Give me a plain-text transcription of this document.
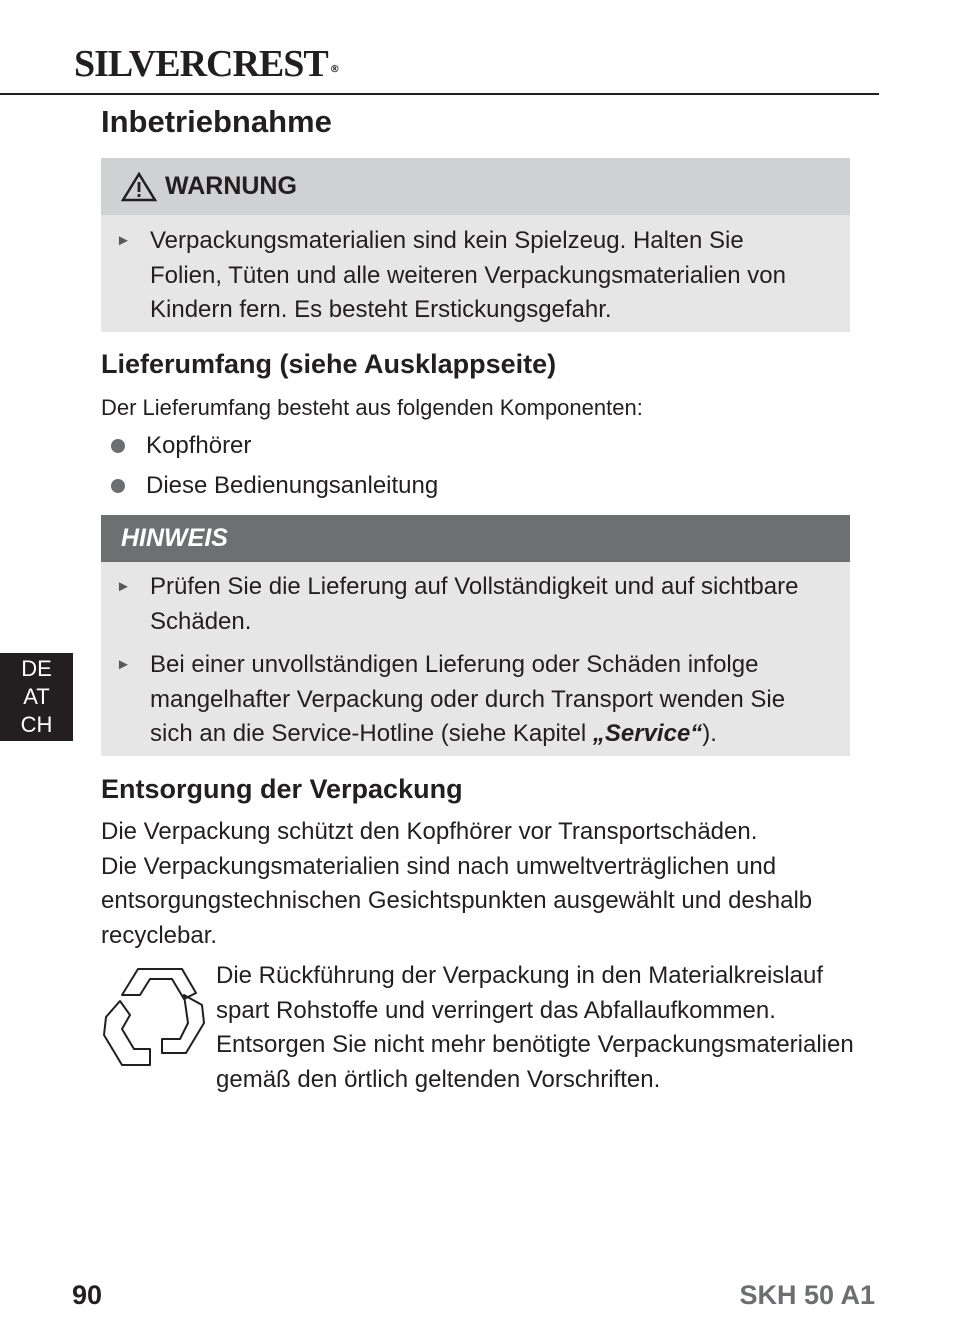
SILVERCREST ®
Inbetriebnahme
WARNUNG
► Verpackungsmaterialien sind kein Spielzeug. Halten Sie
Folien, Tüten und alle weiteren Verpackungsmaterialien von
Kindern fern. Es besteht Erstickungsgefahr.
Lieferumfang (siehe Ausklappseite)

Der Lieferumfang besteht aus folgenden Komponenten:

Kopfhörer
Diese Bedienungsanleitung
HINWEIS
► Prüfen Sie die Lieferung auf Vollständigkeit und auf sichtbare
Schäden.
► Bei einer unvollständigen Lieferung oder Schäden infolge
mangelhafter Verpackung oder durch Transport wenden Sie
sich an die Service-Hotline (siehe Kapitel „Service“).
Entsorgung der Verpackung
Die Verpackung schützt den Kopfhörer vor Transportschäden.
Die Verpackungsmaterialien sind nach umweltverträglichen und
entsorgungstechnischen Gesichtspunkten ausgewählt und deshalb
recyclebar.
Die Rückführung der Verpackung in den Materialkreislauf
spart Rohstoffe und verringert das Abfallaufkommen.
Entsorgen Sie nicht mehr benötigte Verpackungsmaterialien
gemäß den örtlich geltenden Vorschriften.
DE
AT
CH
90	SKH 50 A1
